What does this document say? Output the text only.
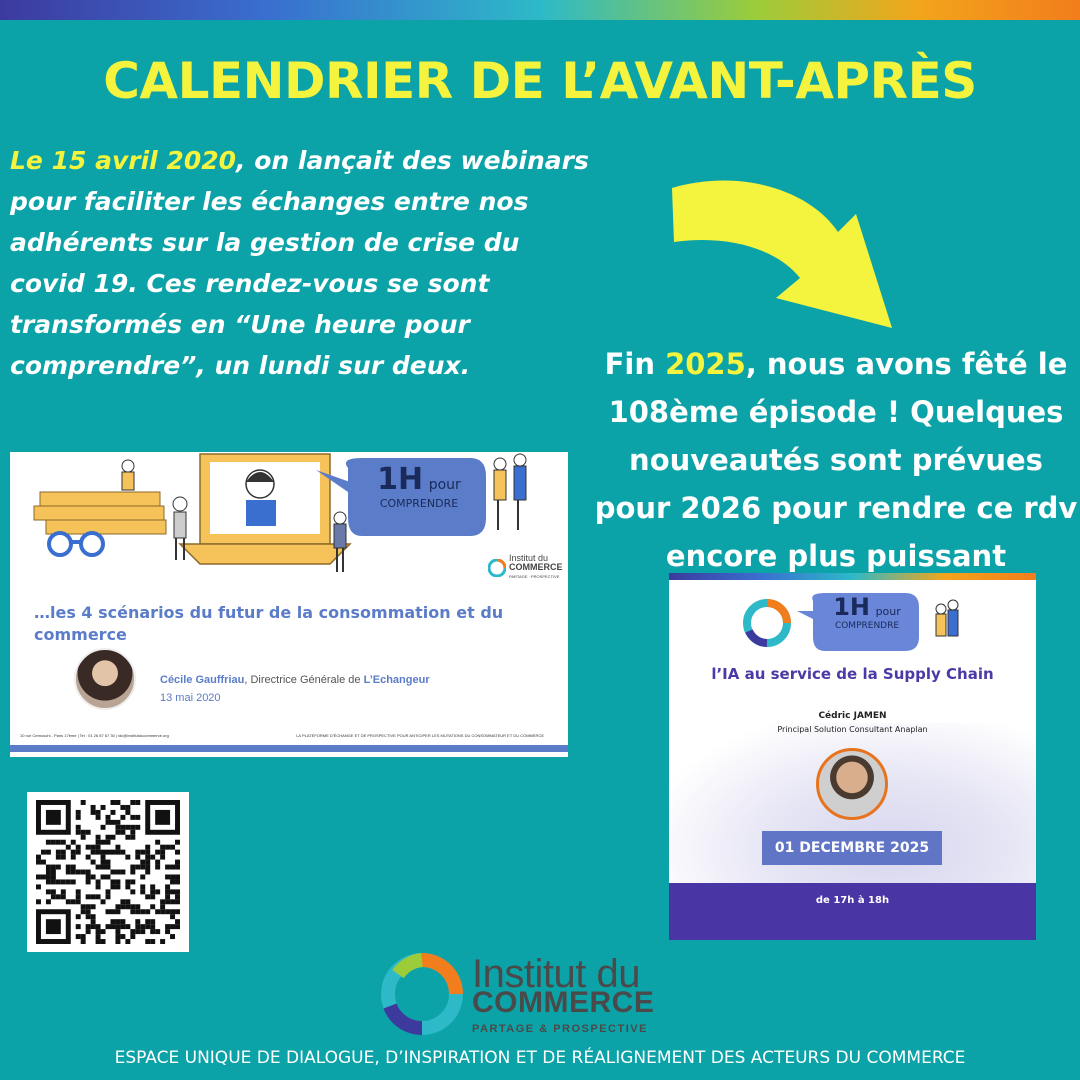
CALENDRIER DE L’AVANT-APRÈS

Le 15 avril 2020, on lançait des webinars pour faciliter les échanges entre nos adhérents sur la gestion de crise du covid 19. Ces rendez-vous se sont transformés en “Une heure pour comprendre”, un lundi sur deux.	Fin 2025, nous avons fêté le 108ème épisode ! Quelques nouveautés sont prévues pour 2026 pour rendre ce rdv encore plus puissant

1H pour
COMPRENDRE
Institut du
COMMERCE
PARTAGE · PROSPECTIVE
…les 4 scénarios du futur de la consommation et du commerce
Cécile Gauffriau, Directrice Générale de L’Echangeur
13 mai 2020
10 rue Cernuschi - Paris 17ème | Tel : 01 26 87 67 30 | idc@institutducommerce.org	LA PLATEFORME D’ÉCHANGE ET DE PROSPECTIVE POUR ANTICIPER LES MUTATIONS DU CONSOMMATEUR ET DU COMMERCE
1H pour
COMPRENDRE
l’IA au service de la Supply Chain
Cédric JAMEN
Principal Solution Consultant Anaplan
01 DECEMBRE 2025
de 17h à 18h
Institut du
COMMERCE
PARTAGE & PROSPECTIVE
ESPACE UNIQUE DE DIALOGUE, D’INSPIRATION ET DE RÉALIGNEMENT DES ACTEURS DU COMMERCE
